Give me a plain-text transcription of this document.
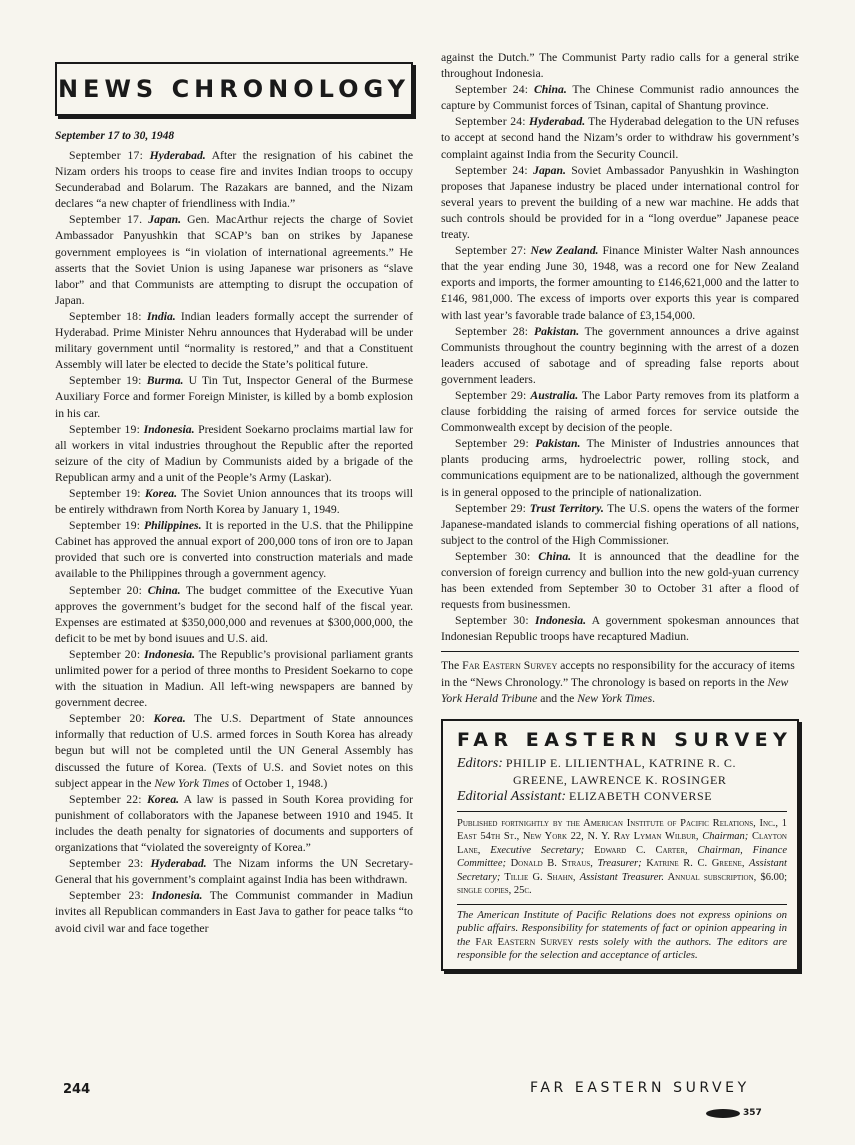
NEWS CHRONOLOGY
September 17 to 30, 1948

September 17: Hyderabad. After the resignation of his cabinet the Nizam orders his troops to cease fire and invites Indian troops to occupy Secunderabad and Bolarum. The Razakars are banned, and the Nizam declares “a new chapter of friendliness with India.”

September 17. Japan. Gen. MacArthur rejects the charge of Soviet Ambassador Panyushkin that SCAP’s ban on strikes by Japanese government employees is “in violation of international agreements.” He asserts that the Soviet Union is using Japanese war prisoners as “slave labor” and that Communists are attempting to disrupt the occupation of Japan.

September 18: India. Indian leaders formally accept the surrender of Hyderabad. Prime Minister Nehru announces that Hyderabad will be under military government until “normality is restored,” and that a Constituent Assembly will later be elected to decide the State’s political future.

September 19: Burma. U Tin Tut, Inspector General of the Burmese Auxiliary Force and former Foreign Minister, is killed by a bomb explosion in his car.

September 19: Indonesia. President Soekarno proclaims martial law for all workers in vital industries throughout the Republic after the reported seizure of the city of Madiun by Communists aided by a brigade of the Republican army and a unit of the People’s Army (Laskar).

September 19: Korea. The Soviet Union announces that its troops will be entirely withdrawn from North Korea by January 1, 1949.

September 19: Philippines. It is reported in the U.S. that the Philippine Cabinet has approved the annual export of 200,000 tons of iron ore to Japan provided that such ore is converted into construction materials and made available to the Philippines through a government agency.

September 20: China. The budget committee of the Executive Yuan approves the government’s budget for the second half of the fiscal year. Expenses are estimated at $350,000,000 and revenues at $300,000,000, the deficit to be met by bond isuues and U.S. aid.

September 20: Indonesia. The Republic’s provisional parliament grants unlimited power for a period of three months to President Soekarno to cope with the situation in Madiun. All left-wing newspapers are banned by government decree.

September 20: Korea. The U.S. Department of State announces informally that reduction of U.S. armed forces in South Korea has already begun but will not be completed until the UN General Assembly has discussed the future of Korea. (Texts of U.S. and Soviet notes on this subject appear in the New York Times of October 1, 1948.)

September 22: Korea. A law is passed in South Korea providing for punishment of collaborators with the Japanese between 1910 and 1945. It includes the death penalty for signatories of documents and supporters of organizations that “violated the sovereignty of Korea.”

September 23: Hyderabad. The Nizam informs the UN Secretary-General that his government’s complaint against India has been withdrawn.

September 23: Indonesia. The Communist commander in Madiun invites all Republican commanders in East Java to gather for peace talks “to avoid civil war and face together

against the Dutch.” The Communist Party radio calls for a general strike throughout Indonesia.

September 24: China. The Chinese Communist radio announces the capture by Communist forces of Tsinan, capital of Shantung province.

September 24: Hyderabad. The Hyderabad delegation to the UN refuses to accept at second hand the Nizam’s order to withdraw his government’s complaint against India from the Security Council.

September 24: Japan. Soviet Ambassador Panyushkin in Washington proposes that Japanese industry be placed under international control for several years to prevent the building of a new war machine. He adds that such controls should be provided for in a “long overdue” Japanese peace treaty.

September 27: New Zealand. Finance Minister Walter Nash announces that the year ending June 30, 1948, was a record one for New Zealand exports and imports, the former amounting to £146,621,000 and the latter to £146, 981,000. The excess of imports over exports this year is compared with last year’s favorable trade balance of £3,154,000.

September 28: Pakistan. The government announces a drive against Communists throughout the country beginning with the arrest of a dozen leaders accused of sabotage and of spreading false reports about government leaders.

September 29: Australia. The Labor Party removes from its platform a clause forbidding the raising of armed forces for service outside the Commonwealth except by decision of the people.

September 29: Pakistan. The Minister of Industries announces that plants producing arms, hydroelectric power, rolling stock, and communications equipment are to be nationalized, although the government is in general opposed to the principle of nationalization.

September 29: Trust Territory. The U.S. opens the waters of the former Japanese-mandated islands to commercial fishing operations of all nations, subject to the control of the High Commissioner.

September 30: China. It is announced that the deadline for the conversion of foreign currency and bullion into the new gold-yuan currency has been extended from September 30 to October 31 after a flood of requests from businessmen.

September 30: Indonesia. A government spokesman announces that Indonesian Republic troops have recaptured Madiun.

The Far Eastern Survey accepts no responsibility for the accuracy of items in the “News Chronology.” The chronology is based on reports in the New York Herald Tribune and the New York Times.
FAR EASTERN SURVEY
Editors: PHILIP E. LILIENTHAL, KATRINE R. C.
GREENE, LAWRENCE K. ROSINGER
Editorial Assistant: ELIZABETH CONVERSE
Published fortnightly by the American Institute of Pacific Relations, Inc., 1 East 54th St., New York 22, N. Y. Ray Lyman Wilbur, Chairman; Clayton Lane, Executive Secretary; Edward C. Carter, Chairman, Finance Committee; Donald B. Straus, Treasurer; Katrine R. C. Greene, Assistant Secretary; Tillie G. Shahn, Assistant Treasurer. Annual subscription, $6.00; single copies, 25c.
The American Institute of Pacific Relations does not express opinions on public affairs. Responsibility for statements of fact or opinion appearing in the Far Eastern Survey rests solely with the authors. The editors are responsible for the selection and acceptance of articles.
244	FAR EASTERN SURVEY
357
